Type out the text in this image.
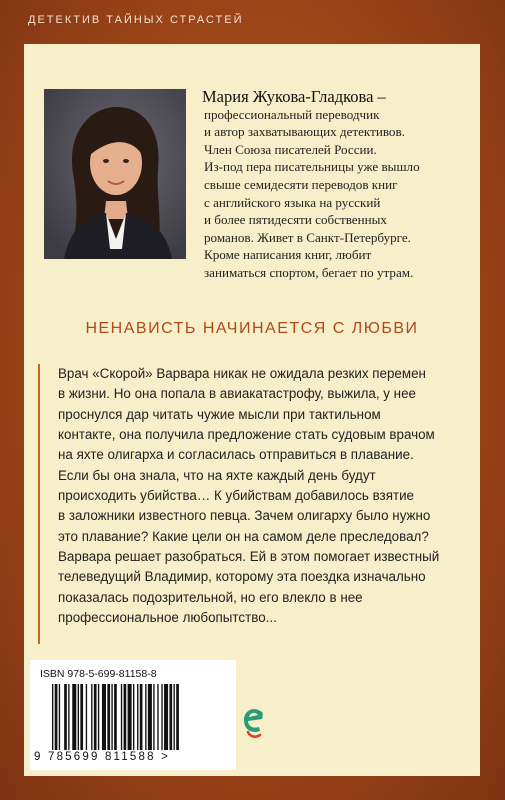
ДЕТЕКТИВ ТАЙНЫХ СТРАСТЕЙ
Мария Жукова-Гладкова –
профессиональный переводчик
и автор захватывающих детективов.
Член Союза писателей России.
Из-под пера писательницы уже вышло
свыше семидесяти переводов книг
с английского языка на русский
и более пятидесяти собственных
романов. Живет в Санкт-Петербурге.
Кроме написания книг, любит
заниматься спортом, бегает по утрам.
НЕНАВИСТЬ НАЧИНАЕТСЯ С ЛЮБВИ
Врач «Скорой» Варвара никак не ожидала резких перемен
в жизни. Но она попала в авиакатастрофу, выжила, у нее
проснулся дар читать чужие мысли при тактильном
контакте, она получила предложение стать судовым врачом
на яхте олигарха и согласилась отправиться в плавание.
Если бы она знала, что на яхте каждый день будут
происходить убийства… К убийствам добавилось взятие
в заложники известного певца. Зачем олигарху было нужно
это плавание? Какие цели он на самом деле преследовал?
Варвара решает разобраться. Ей в этом помогает известный
телеведущий Владимир, которому эта поездка изначально
показалась подозрительной, но его влекло в нее
профессиональное любопытство...
ISBN 978-5-699-81158-8
9 785699 811588 >
